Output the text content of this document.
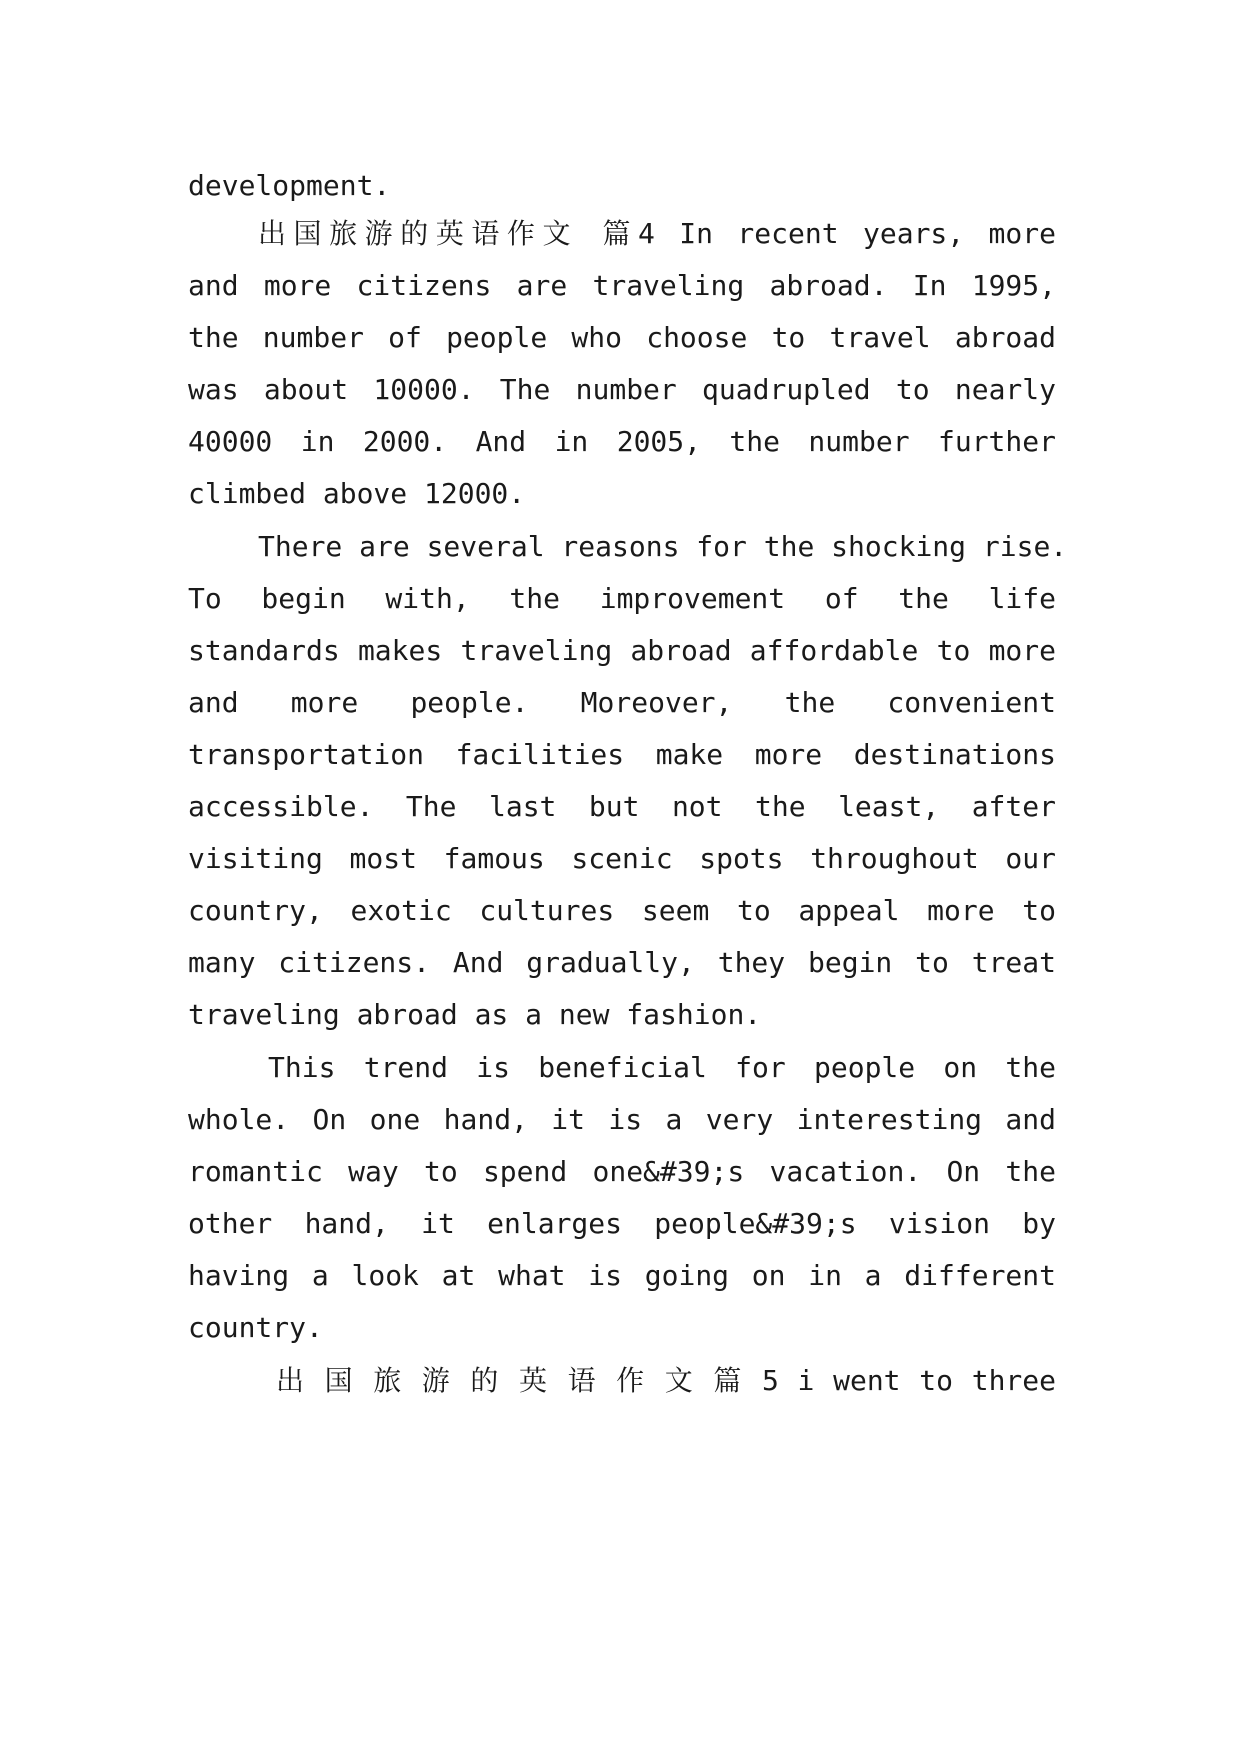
development.
出国旅游的英语作文 篇4 In recent years, more
and more citizens are traveling abroad. In 1995,
the number of people who choose to travel abroad
was about 10000. The number quadrupled to nearly
40000 in 2000. And in 2005, the number further
climbed above 12000.
There are several reasons for the shocking rise.
To begin with, the improvement of the life
standards makes traveling abroad affordable to more
and more people. Moreover, the convenient
transportation facilities make more destinations
accessible. The last but not the least, after
visiting most famous scenic spots throughout our
country, exotic cultures seem to appeal more to
many citizens. And gradually, they begin to treat
traveling abroad as a new fashion.
This trend is beneficial for people on the
whole. On one hand, it is a very interesting and
romantic way to spend one&#39;s vacation. On the
other hand, it enlarges people&#39;s vision by
having a look at what is going on in a different
country.
出 国 旅 游 的 英 语 作 文 篇 5 i went to three
